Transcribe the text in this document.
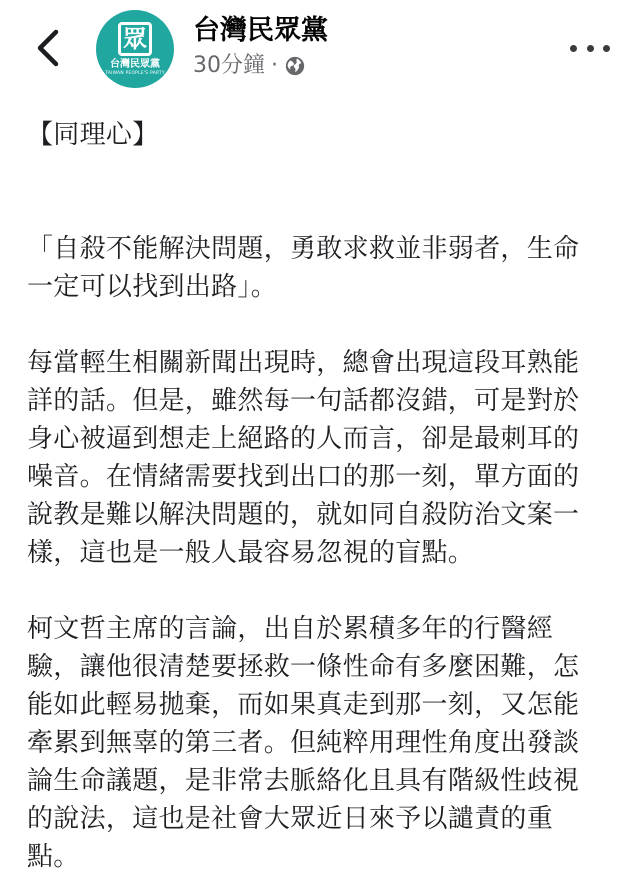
眾
台灣民眾黨
TAIWAN PEOPLE'S PARTY
台灣民眾黨
30分鐘 ·

【同理心】

「自殺不能解決問題，勇敢求救並非弱者，生命一定可以找到出路」。

每當輕生相關新聞出現時，總會出現這段耳熟能詳的話。但是，雖然每一句話都沒錯，可是對於身心被逼到想走上絕路的人而言，卻是最刺耳的噪音。在情緒需要找到出口的那一刻，單方面的說教是難以解決問題的，就如同自殺防治文案一樣，這也是一般人最容易忽視的盲點。

柯文哲主席的言論，出自於累積多年的行醫經驗，讓他很清楚要拯救一條性命有多麼困難，怎能如此輕易拋棄，而如果真走到那一刻，又怎能牽累到無辜的第三者。但純粹用理性角度出發談論生命議題，是非常去脈絡化且具有階級性歧視的說法，這也是社會大眾近日來予以譴責的重點。
